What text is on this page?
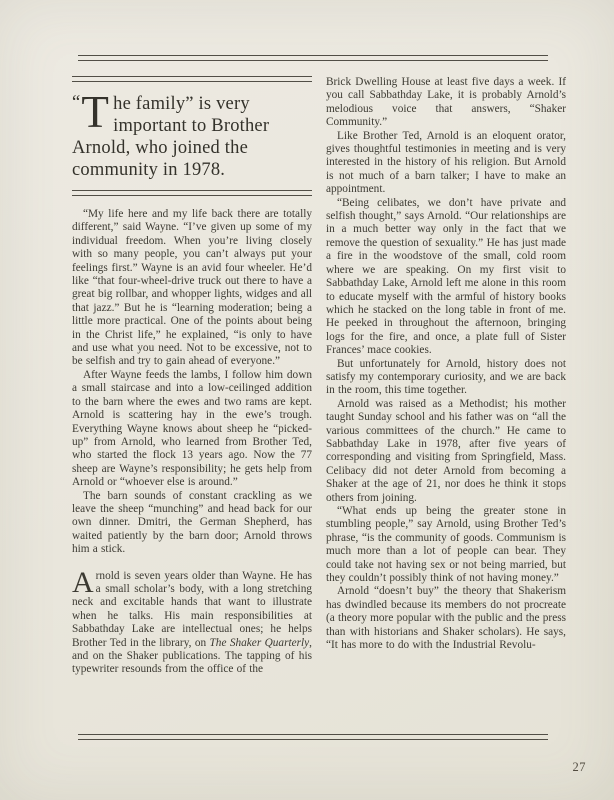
“ T he family” is very important to Brother Arnold, who joined the community in 1978.

“My life here and my life back there are totally different,” said Wayne. “I’ve given up some of my individual freedom. When you’re living closely with so many people, you can’t always put your feelings first.” Wayne is an avid four wheeler. He’d like “that four-wheel-drive truck out there to have a great big rollbar, and whopper lights, widges and all that jazz.” But he is “learning moderation; being a little more practical. One of the points about being in the Christ life,” he explained, “is only to have and use what you need. Not to be excessive, not to be selfish and try to gain ahead of everyone.”

After Wayne feeds the lambs, I follow him down a small staircase and into a low-ceilinged addition to the barn where the ewes and two rams are kept. Arnold is scattering hay in the ewe’s trough. Everything Wayne knows about sheep he “picked-up” from Arnold, who learned from Brother Ted, who started the flock 13 years ago. Now the 77 sheep are Wayne’s responsibility; he gets help from Arnold or “whoever else is around.”

The barn sounds of constant crackling as we leave the sheep “munching” and head back for our own dinner. Dmitri, the German Shepherd, has waited patiently by the barn door; Arnold throws him a stick.

Arnold is seven years older than Wayne. He has a small scholar’s body, with a long stretching neck and excitable hands that want to illustrate when he talks. His main responsibilities at Sabbathday Lake are intellectual ones; he helps Brother Ted in the library, on The Shaker Quarterly, and on the Shaker publications. The tapping of his typewriter resounds from the office of the

Brick Dwelling House at least five days a week. If you call Sabbathday Lake, it is probably Arnold’s melodious voice that answers, “Shaker Community.”

Like Brother Ted, Arnold is an eloquent orator, gives thoughtful testimonies in meeting and is very interested in the history of his religion. But Arnold is not much of a barn talker; I have to make an appointment.

“Being celibates, we don’t have private and selfish thought,” says Arnold. “Our relationships are in a much better way only in the fact that we remove the question of sexuality.” He has just made a fire in the woodstove of the small, cold room where we are speaking. On my first visit to Sabbathday Lake, Arnold left me alone in this room to educate myself with the armful of history books which he stacked on the long table in front of me. He peeked in throughout the afternoon, bringing logs for the fire, and once, a plate full of Sister Frances’ mace cookies.

But unfortunately for Arnold, history does not satisfy my contemporary curiosity, and we are back in the room, this time together.

Arnold was raised as a Methodist; his mother taught Sunday school and his father was on “all the various committees of the church.” He came to Sabbathday Lake in 1978, after five years of corresponding and visiting from Springfield, Mass. Celibacy did not deter Arnold from becoming a Shaker at the age of 21, nor does he think it stops others from joining.

“What ends up being the greater stone in stumbling people,” say Arnold, using Brother Ted’s phrase, “is the community of goods. Communism is much more than a lot of people can bear. They could take not having sex or not being married, but they couldn’t possibly think of not having money.”

Arnold “doesn’t buy” the theory that Shakerism has dwindled because its members do not procreate (a theory more popular with the public and the press than with historians and Shaker scholars). He says, “It has more to do with the Industrial Revolu-

27
